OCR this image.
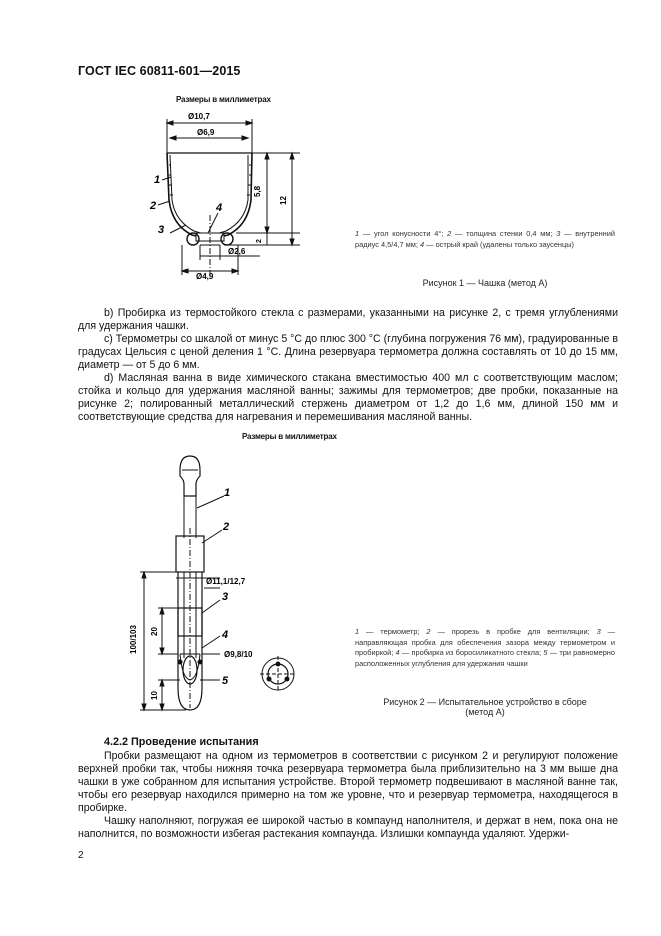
ГОСТ IEC 60811-601—2015
Размеры в миллиметрах
Ø10,7
Ø6,9
5,8
12
2
Ø2,6
Ø4,9
1
2
3
4
1 — угол конусности 4°; 2 — толщина стенки 0,4 мм; 3 — внутренний радиус 4,5/4,7 мм; 4 — острый край (удалены только заусенцы)
Рисунок 1 — Чашка (метод А)

b) Пробирка из термостойкого стекла с размерами, указанными на рисунке 2, с тремя углублениями для удержания чашки.

c) Термометры со шкалой от минус 5 °С до плюс 300 °С (глубина погружения 76 мм), градуированные в градусах Цельсия с ценой деления 1 °С. Длина резервуара термометра должна составлять от 10 до 15 мм, диаметр — от 5 до 6 мм.

d) Масляная ванна в виде химического стакана вместимостью 400 мл с соответствующим маслом; стойка и кольцо для удержания масляной ванны; зажимы для термометров; две пробки, показанные на рисунке 2; полированный металлический стержень диаметром от 1,2 до 1,6 мм, длиной 150 мм и соответствующие средства для нагревания и перемешивания масляной ванны.

Размеры в миллиметрах
1
2
3
4
5
Ø11,1/12,7
Ø9,8/10
100/103 20
10
1 — термометр; 2 — прорезь в пробке для вентиляции; 3 — направляющая пробка для обеспечения зазора между термометром и пробиркой; 4 — пробирка из боросиликатного стекла; 5 — три равномерно расположенных углубления для удержания чашки
Рисунок 2 — Испытательное устройство в сборе
(метод А)
4.2.2 Проведение испытания

Пробки размещают на одном из термометров в соответствии с рисунком 2 и регулируют положение верхней пробки так, чтобы нижняя точка резервуара термометра была приблизительно на 3 мм выше дна чашки в уже собранном для испытания устройстве. Второй термометр подвешивают в масляной ванне так, чтобы его резервуар находился примерно на том же уровне, что и резервуар термометра, находящегося в пробирке.

Чашку наполняют, погружая ее широкой частью в компаунд наполнителя, и держат в нем, пока она не наполнится, по возможности избегая растекания компаунда. Излишки компаунда удаляют. Удержи-

2
